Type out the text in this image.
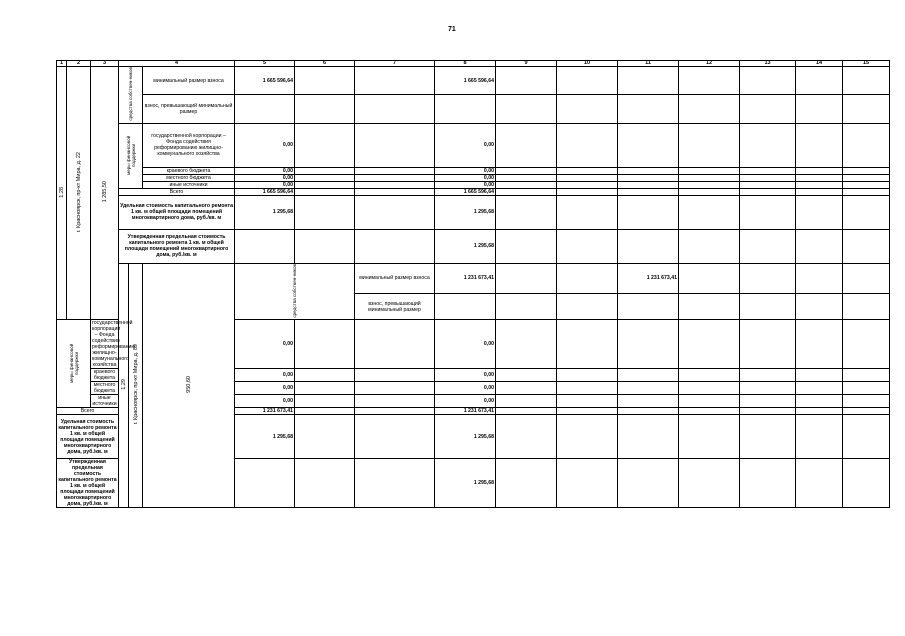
71
1	2	3	4			5	6	7	8	9	10	11	12	13	14	15	
1.28	г. Красноярск, пр-кт Мира, д. 22	1 285,50	средства собствен-ников		минимальный размер взноса	1 665 596,64			1 665 596,64								
					взнос, превышающий минимальный размер												
			меры финансовой поддержки		государственной корпорации – Фонда содействия реформированию жилищно-коммунального хозяйства	0,00			0,00								
					краевого бюджета	0,00			0,00								
					местного бюджета	0,00			0,00								
					иные источники	0,00			0,00								
			Всего			1 665 596,64			1 665 596,64								
			Удельная стоимость капитального ремонта 1 кв. м общей площади помещений многоквартирного дома, руб./кв. м			1 295,68			1 295,68								
			Утвержденная предельная стоимость капитального ремонта 1 кв. м общей площади помещений многоквартирного дома, руб./кв. м						1 295,68								
			1.29	г. Красноярск, пр-кт Мира, д. 89	950,60	средства собствен-ников		минимальный размер взноса	1 231 673,41			1 231 673,41							
								взнос, превышающий минимальный размер											
меры финансовой поддержки		государственной корпорации – Фонда содействия реформированию жилищно-коммунального хозяйства				0,00			0,00								
		краевого бюджета				0,00			0,00								
		местного бюджета				0,00			0,00								
		иные источники				0,00			0,00								
Всего						1 231 673,41			1 231 673,41								
Удельная стоимость капитального ремонта 1 кв. м общей площади помещений многоквартирного дома, руб./кв. м						1 295,68			1 295,68								
Утвержденная предельная стоимость капитального ремонта 1 кв. м общей площади помещений многоквартирного дома, руб./кв. м									1 295,68								
